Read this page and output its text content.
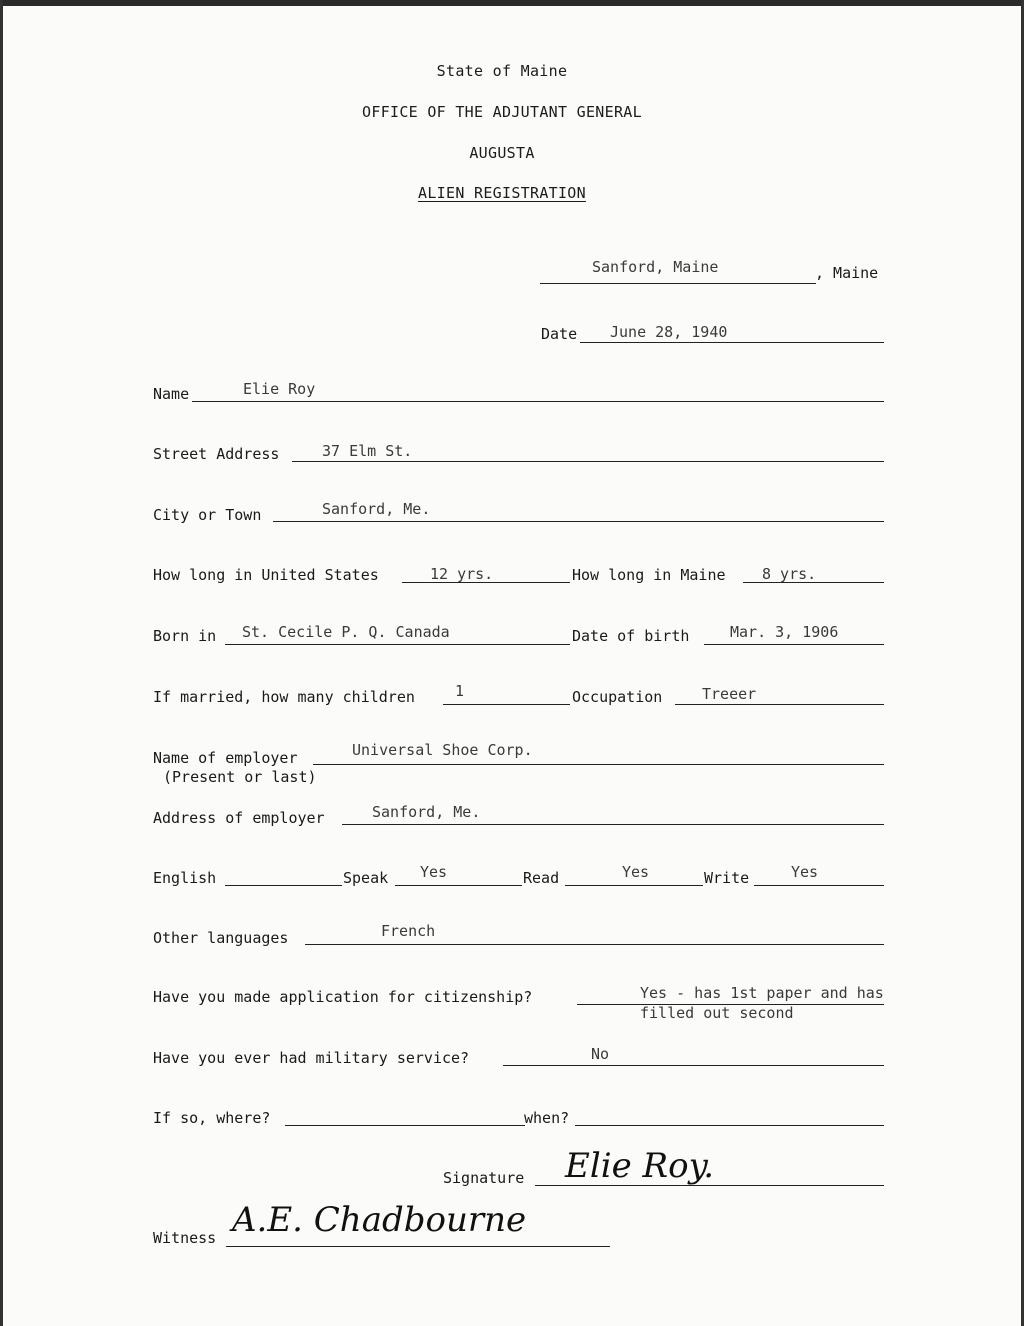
State of Maine
OFFICE OF THE ADJUTANT GENERAL
AUGUSTA
ALIEN REGISTRATION
Sanford, Maine	, Maine
Date June 28, 1940
Name	Elie Roy
Street Address	37 Elm St.
City or Town	Sanford, Me.
How long in United States	12 yrs.	How long in Maine 8 yrs.
Born in St. Cecile P. Q. Canada	Date of birth	Mar. 3, 1906
If married, how many children	1	Occupation	Treeer
Name of employer
(Present or last)
Universal Shoe Corp.
Address of employer	Sanford, Me.
English	Speak Yes	Read	Yes	Write	Yes
Other languages	French
Have you made application for citizenship?	Yes - has 1st paper and has
filled out second
Have you ever had military service?	No
If so, where?	when?
Signature Elie Roy.
Witness A.E. Chadbourne
